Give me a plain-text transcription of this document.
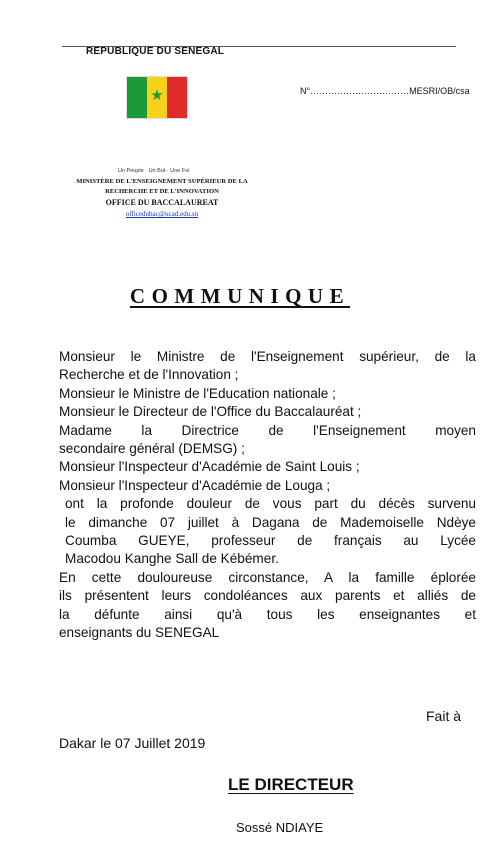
REPUBLIQUE DU SENEGAL
★	N°……………………………MESRI/OB/csa
Un Peuple · Un But · Une Foi
MINISTÈRE DE L'ENSEIGNEMENT SUPÉRIEUR DE LA
RECHERCHE ET DE L'INNOVATION
OFFICE DU BACCALAUREAT
officedubac@ucad.edu.sn
COMMUNIQUE
Monsieur le Ministre de l'Enseignement supérieur, de la
Recherche et de l'Innovation ;
Monsieur le Ministre de l'Education nationale ;
Monsieur le Directeur de l'Office du Baccalauréat ;
Madame la Directrice de l'Enseignement moyen
secondaire général (DEMSG) ;
Monsieur l'Inspecteur d'Académie de Saint Louis ;
Monsieur l'Inspecteur d'Académie de Louga ;
ont la profonde douleur de vous part du décès survenu
le dimanche 07 juillet à Dagana de Mademoiselle Ndèye
Coumba GUEYE, professeur de français au Lycée
Macodou Kanghe Sall de Kébémer.
En cette douloureuse circonstance, A la famille éplorée
ils présentent leurs condoléances aux parents et alliés de
la défunte ainsi qu'à tous les enseignantes et
enseignants du SENEGAL
Fait à
Dakar le 07 Juillet 2019
LE DIRECTEUR
Sossé NDIAYE
